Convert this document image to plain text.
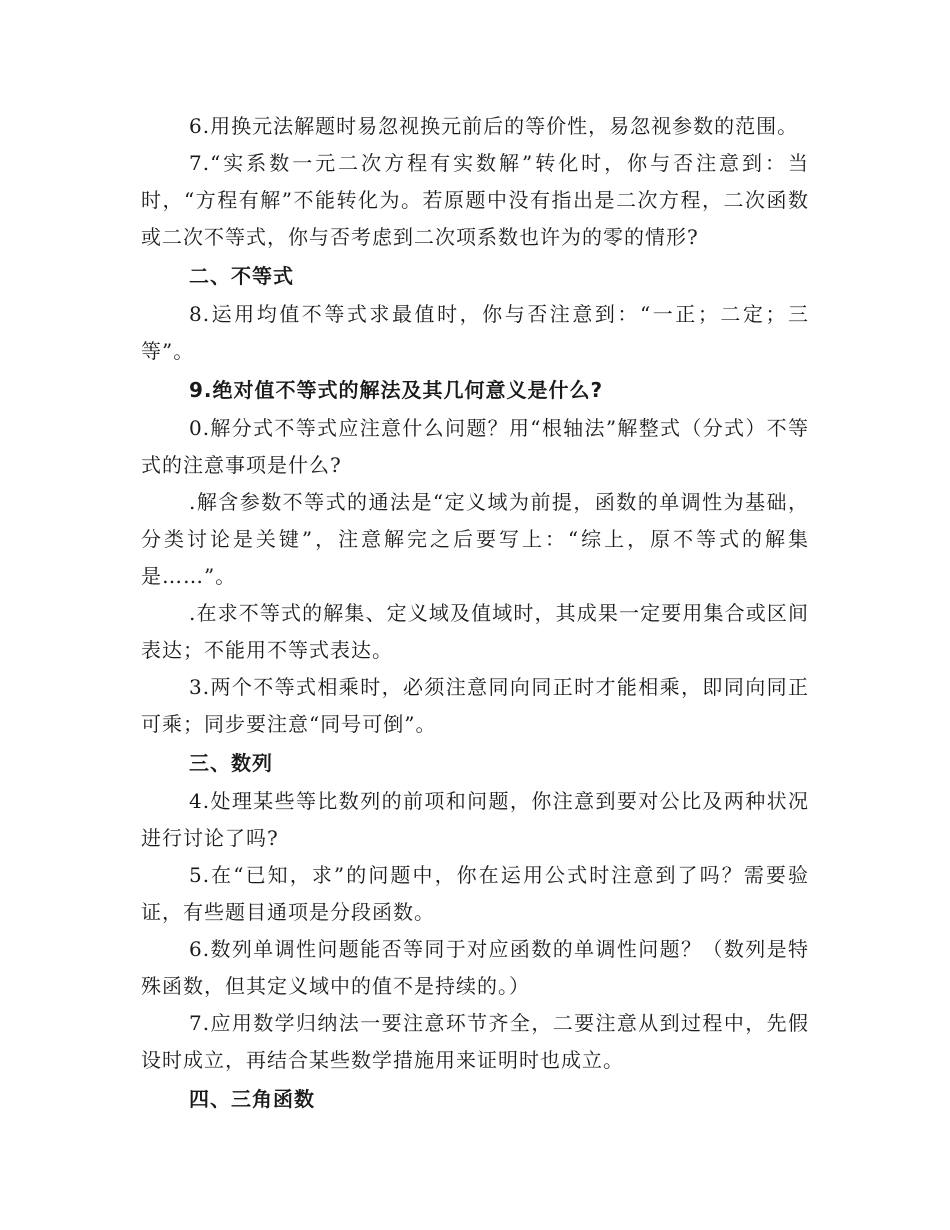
6.用换元法解题时易忽视换元前后的等价性，易忽视参数的范围。

7.“实系数一元二次方程有实数解”转化时，你与否注意到：当时，“方程有解”不能转化为。若原题中没有指出是二次方程，二次函数或二次不等式，你与否考虑到二次项系数也许为的零的情形?

二、不等式

8.运用均值不等式求最值时，你与否注意到：“一正；二定；三等”。

9.绝对值不等式的解法及其几何意义是什么?

0.解分式不等式应注意什么问题？用“根轴法”解整式（分式）不等式的注意事项是什么?

.解含参数不等式的通法是“定义域为前提，函数的单调性为基础，分类讨论是关键”，注意解完之后要写上：“综上，原不等式的解集是……”。

.在求不等式的解集、定义域及值域时，其成果一定要用集合或区间表达；不能用不等式表达。

3.两个不等式相乘时，必须注意同向同正时才能相乘，即同向同正可乘；同步要注意“同号可倒”。

三、数列

4.处理某些等比数列的前项和问题，你注意到要对公比及两种状况进行讨论了吗?

5.在“已知，求”的问题中，你在运用公式时注意到了吗？需要验证，有些题目通项是分段函数。

6.数列单调性问题能否等同于对应函数的单调性问题？（数列是特殊函数，但其定义域中的值不是持续的。）

7.应用数学归纳法一要注意环节齐全，二要注意从到过程中，先假设时成立，再结合某些数学措施用来证明时也成立。

四、三角函数
